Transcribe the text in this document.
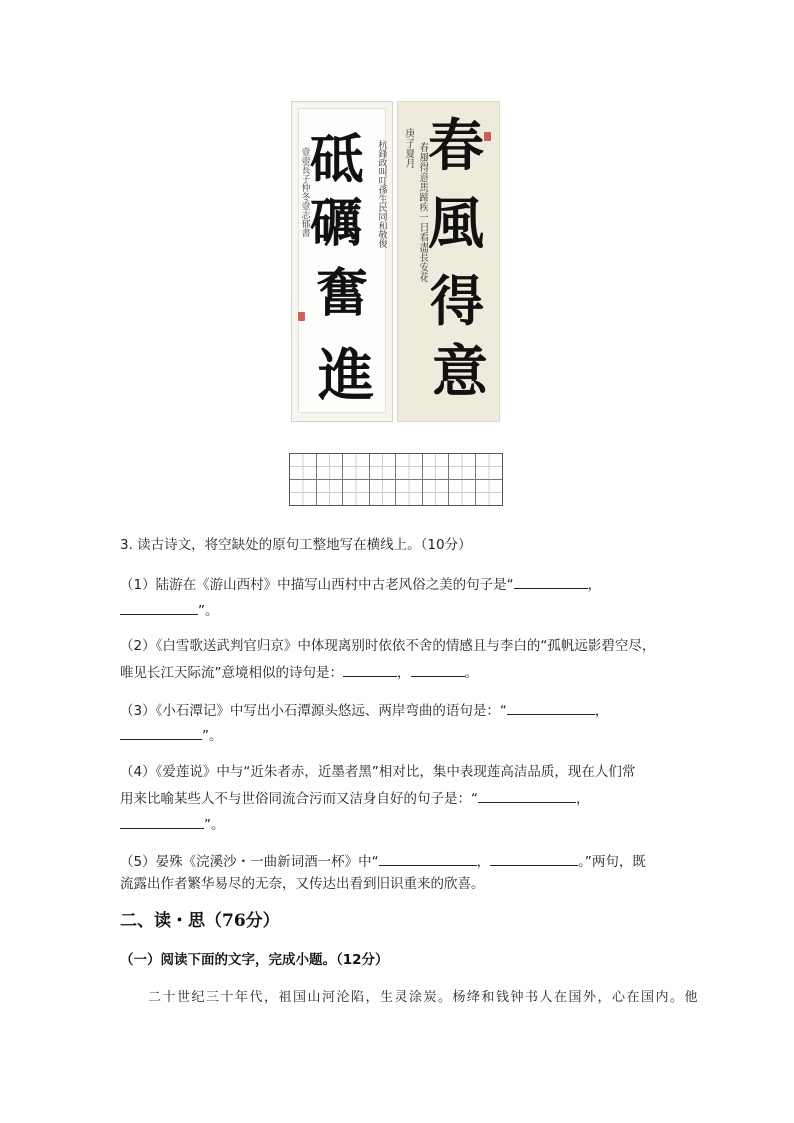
砥
礪
奮
進
杭鋒政叫叮孫生民同和敬俊
壹壺長子仲冬壹志郁書
春
風
得
意
春風得意馬蹄疾一日看盡長安花
庚子夏月
3. 读古诗文，将空缺处的原句工整地写在横线上。（10分）
（1）陆游在《游山西村》中描写山西村中古老风俗之美的句子是“	，
”。
（2）《白雪歌送武判官归京》中体现离别时依依不舍的情感且与李白的“孤帆远影碧空尽，
唯见长江天际流”意境相似的诗句是：	，	。
（3）《小石潭记》中写出小石潭源头悠远、两岸弯曲的语句是：“	，
”。
（4）《爱莲说》中与“近朱者赤，近墨者黑”相对比，集中表现莲高洁品质，现在人们常
用来比喻某些人不与世俗同流合污而又洁身自好的句子是：“	，
”。
（5）晏殊《浣溪沙・一曲新词酒一杯》中“	，	。”两句，既
流露出作者繁华易尽的无奈，又传达出看到旧识重来的欣喜。
二、读・思（76分）
（一）阅读下面的文字，完成小题。（12分）
二十世纪三十年代，祖国山河沦陷，生灵涂炭。杨绛和钱钟书人在国外，心在国内。他
